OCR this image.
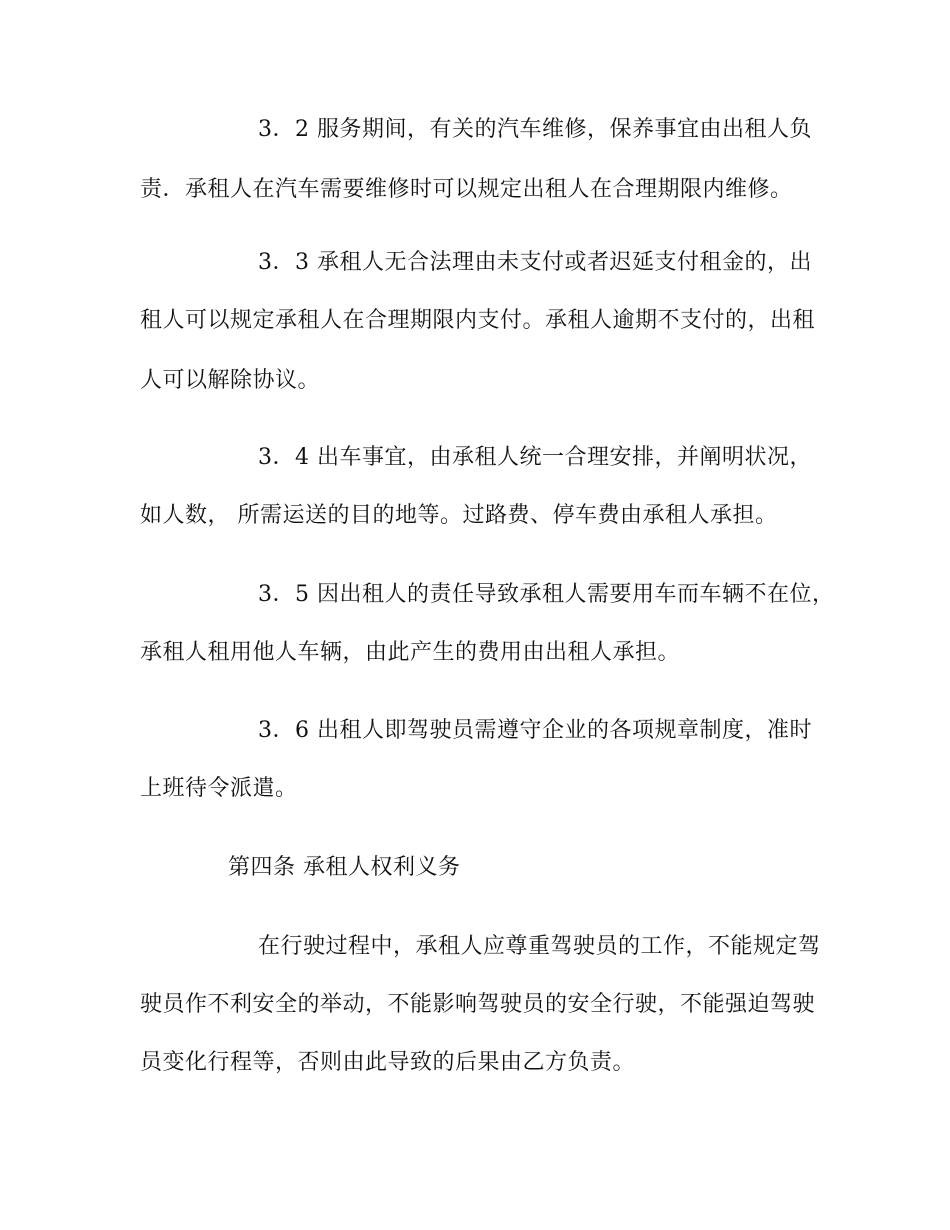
3．2 服务期间，有关的汽车维修，保养事宜由出租人负
责．承租人在汽车需要维修时可以规定出租人在合理期限内维修。
3．3 承租人无合法理由未支付或者迟延支付租金的，出
租人可以规定承租人在合理期限内支付。承租人逾期不支付的，出租
人可以解除协议。
3．4 出车事宜，由承租人统一合理安排，并阐明状况，
如人数， 所需运送的目的地等。过路费、停车费由承租人承担。
3．5 因出租人的责任导致承租人需要用车而车辆不在位，
承租人租用他人车辆，由此产生的费用由出租人承担。
3．6 出租人即驾驶员需遵守企业的各项规章制度，准时
上班待令派遣。
第四条 承租人权利义务
在行驶过程中，承租人应尊重驾驶员的工作，不能规定驾
驶员作不利安全的举动，不能影响驾驶员的安全行驶，不能强迫驾驶
员变化行程等，否则由此导致的后果由乙方负责。
